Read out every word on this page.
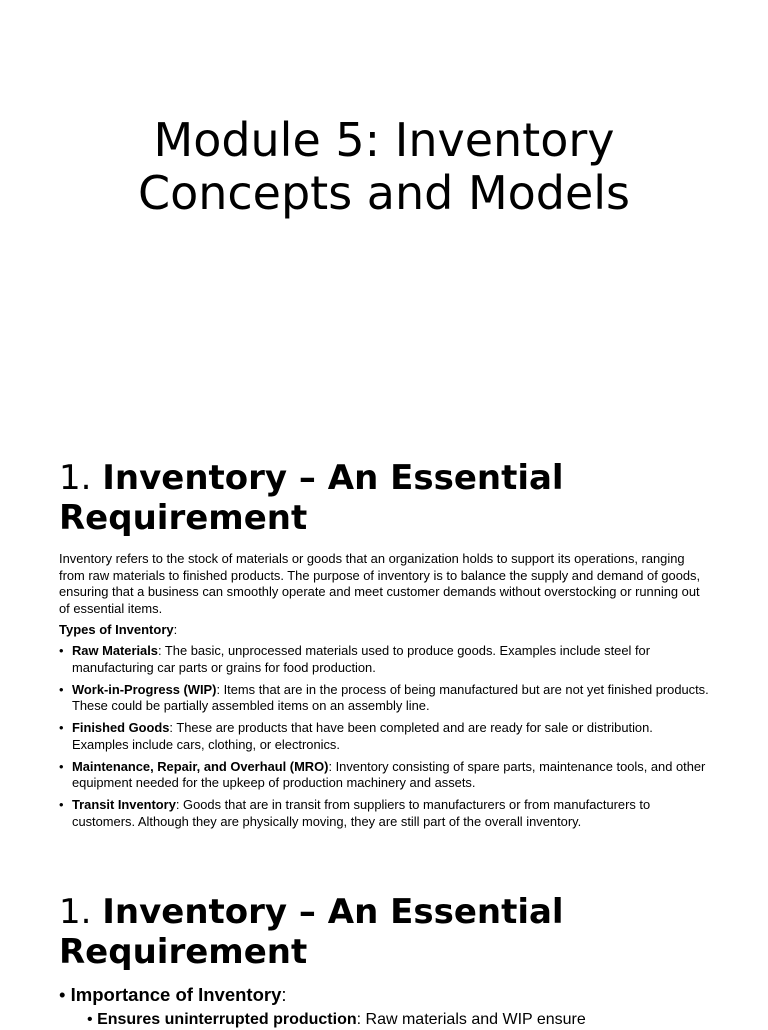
Module 5: Inventory
Concepts and Models
1. Inventory – An Essential Requirement

Inventory refers to the stock of materials or goods that an organization holds to support its operations, ranging from raw materials to finished products. The purpose of inventory is to balance the supply and demand of goods, ensuring that a business can smoothly operate and meet customer demands without overstocking or running out of essential items.

Types of Inventory:

• Raw Materials: The basic, unprocessed materials used to produce goods. Examples include steel for manufacturing car parts or grains for food production.
• Work-in-Progress (WIP): Items that are in the process of being manufactured but are not yet finished products. These could be partially assembled items on an assembly line.
• Finished Goods: These are products that have been completed and are ready for sale or distribution. Examples include cars, clothing, or electronics.
• Maintenance, Repair, and Overhaul (MRO): Inventory consisting of spare parts, maintenance tools, and other equipment needed for the upkeep of production machinery and assets.
• Transit Inventory: Goods that are in transit from suppliers to manufacturers or from manufacturers to customers. Although they are physically moving, they are still part of the overall inventory.
1. Inventory – An Essential Requirement

• Importance of Inventory:

• Ensures uninterrupted production: Raw materials and WIP ensure
